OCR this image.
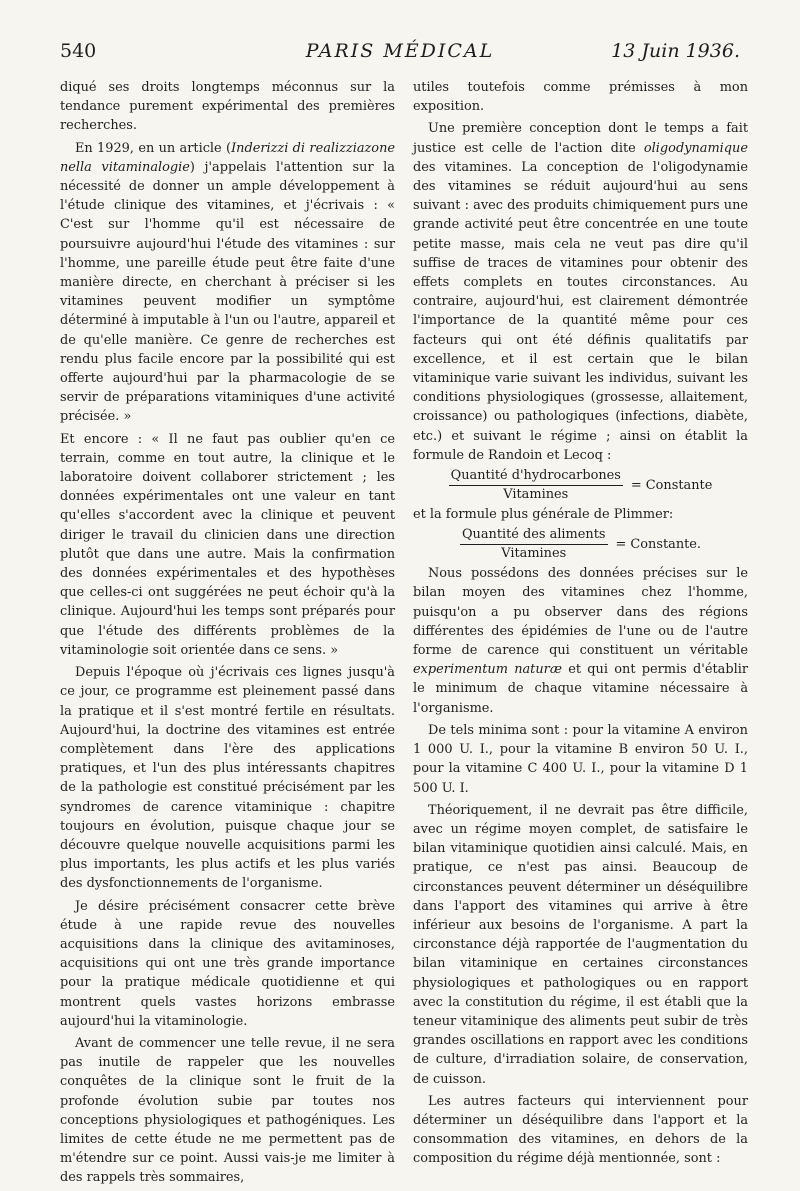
540	PARIS MÉDICAL	13 Juin 1936.

diqué ses droits longtemps méconnus sur la tendance purement expérimental des premières recherches.

En 1929, en un article (Inderizzi di realizziazone nella vitaminalogie) j'appelais l'attention sur la nécessité de donner un ample développement à l'étude clinique des vitamines, et j'écrivais : « C'est sur l'homme qu'il est nécessaire de poursuivre aujourd'hui l'étude des vitamines : sur l'homme, une pareille étude peut être faite d'une manière directe, en cherchant à préciser si les vitamines peuvent modifier un symptôme déterminé à imputable à l'un ou l'autre, appareil et de qu'elle manière. Ce genre de recherches est rendu plus facile encore par la possibilité qui est offerte aujourd'hui par la pharmacologie de se servir de préparations vitaminiques d'une activité précisée. »

Et encore : « Il ne faut pas oublier qu'en ce terrain, comme en tout autre, la clinique et le laboratoire doivent collaborer strictement ; les données expérimentales ont une valeur en tant qu'elles s'accordent avec la clinique et peuvent diriger le travail du clinicien dans une direction plutôt que dans une autre. Mais la confirmation des données expérimentales et des hypothèses que celles-ci ont suggérées ne peut échoir qu'à la clinique. Aujourd'hui les temps sont préparés pour que l'étude des différents problèmes de la vitaminologie soit orientée dans ce sens. »

Depuis l'époque où j'écrivais ces lignes jusqu'à ce jour, ce programme est pleinement passé dans la pratique et il s'est montré fertile en résultats. Aujourd'hui, la doctrine des vitamines est entrée complètement dans l'ère des applications pratiques, et l'un des plus intéressants chapitres de la pathologie est constitué précisément par les syndromes de carence vitaminique : chapitre toujours en évolution, puisque chaque jour se découvre quelque nouvelle acquisitions parmi les plus importants, les plus actifs et les plus variés des dysfonctionnements de l'organisme.

Je désire précisément consacrer cette brève étude à une rapide revue des nouvelles acquisitions dans la clinique des avitaminoses, acquisitions qui ont une très grande importance pour la pratique médicale quotidienne et qui montrent quels vastes horizons embrasse aujourd'hui la vitaminologie.

Avant de commencer une telle revue, il ne sera pas inutile de rappeler que les nouvelles conquêtes de la clinique sont le fruit de la profonde évolution subie par toutes nos conceptions physiologiques et pathogéniques. Les limites de cette étude ne me permettent pas de m'étendre sur ce point. Aussi vais-je me limiter à des rappels très sommaires,

utiles toutefois comme prémisses à mon exposition.

Une première conception dont le temps a fait justice est celle de l'action dite oligodynamique des vitamines. La conception de l'oligodynamie des vitamines se réduit aujourd'hui au sens suivant : avec des produits chimiquement purs une grande activité peut être concentrée en une toute petite masse, mais cela ne veut pas dire qu'il suffise de traces de vitamines pour obtenir des effets complets en toutes circonstances. Au contraire, aujourd'hui, est clairement démontrée l'importance de la quantité même pour ces facteurs qui ont été définis qualitatifs par excellence, et il est certain que le bilan vitaminique varie suivant les individus, suivant les conditions physiologiques (grossesse, allaitement, croissance) ou pathologiques (infections, diabète, etc.) et suivant le régime ; ainsi on établit la formule de Randoin et Lecoq :

$\frac{\text{Quantité d'hydrocarbones}}{\text{Vitamines}}$ = Constante

et la formule plus générale de Plimmer:

$\frac{\text{Quantité des aliments}}{\text{Vitamines}}$ = Constante.

Nous possédons des données précises sur le bilan moyen des vitamines chez l'homme, puisqu'on a pu observer dans des régions différentes des épidémies de l'une ou de l'autre forme de carence qui constituent un véritable experimentum naturæ et qui ont permis d'établir le minimum de chaque vitamine nécessaire à l'organisme.

De tels minima sont : pour la vitamine A environ 1 000 U. I., pour la vitamine B environ 50 U. I., pour la vitamine C 400 U. I., pour la vitamine D 1 500 U. I.

Théoriquement, il ne devrait pas être difficile, avec un régime moyen complet, de satisfaire le bilan vitaminique quotidien ainsi calculé. Mais, en pratique, ce n'est pas ainsi. Beaucoup de circonstances peuvent déterminer un déséquilibre dans l'apport des vitamines qui arrive à être inférieur aux besoins de l'organisme. A part la circonstance déjà rapportée de l'augmentation du bilan vitaminique en certaines circonstances physiologiques et pathologiques ou en rapport avec la constitution du régime, il est établi que la teneur vitaminique des aliments peut subir de très grandes oscillations en rapport avec les conditions de culture, d'irradiation solaire, de conservation, de cuisson.

Les autres facteurs qui interviennent pour déterminer un déséquilibre dans l'apport et la consommation des vitamines, en dehors de la composition du régime déjà mentionnée, sont :
